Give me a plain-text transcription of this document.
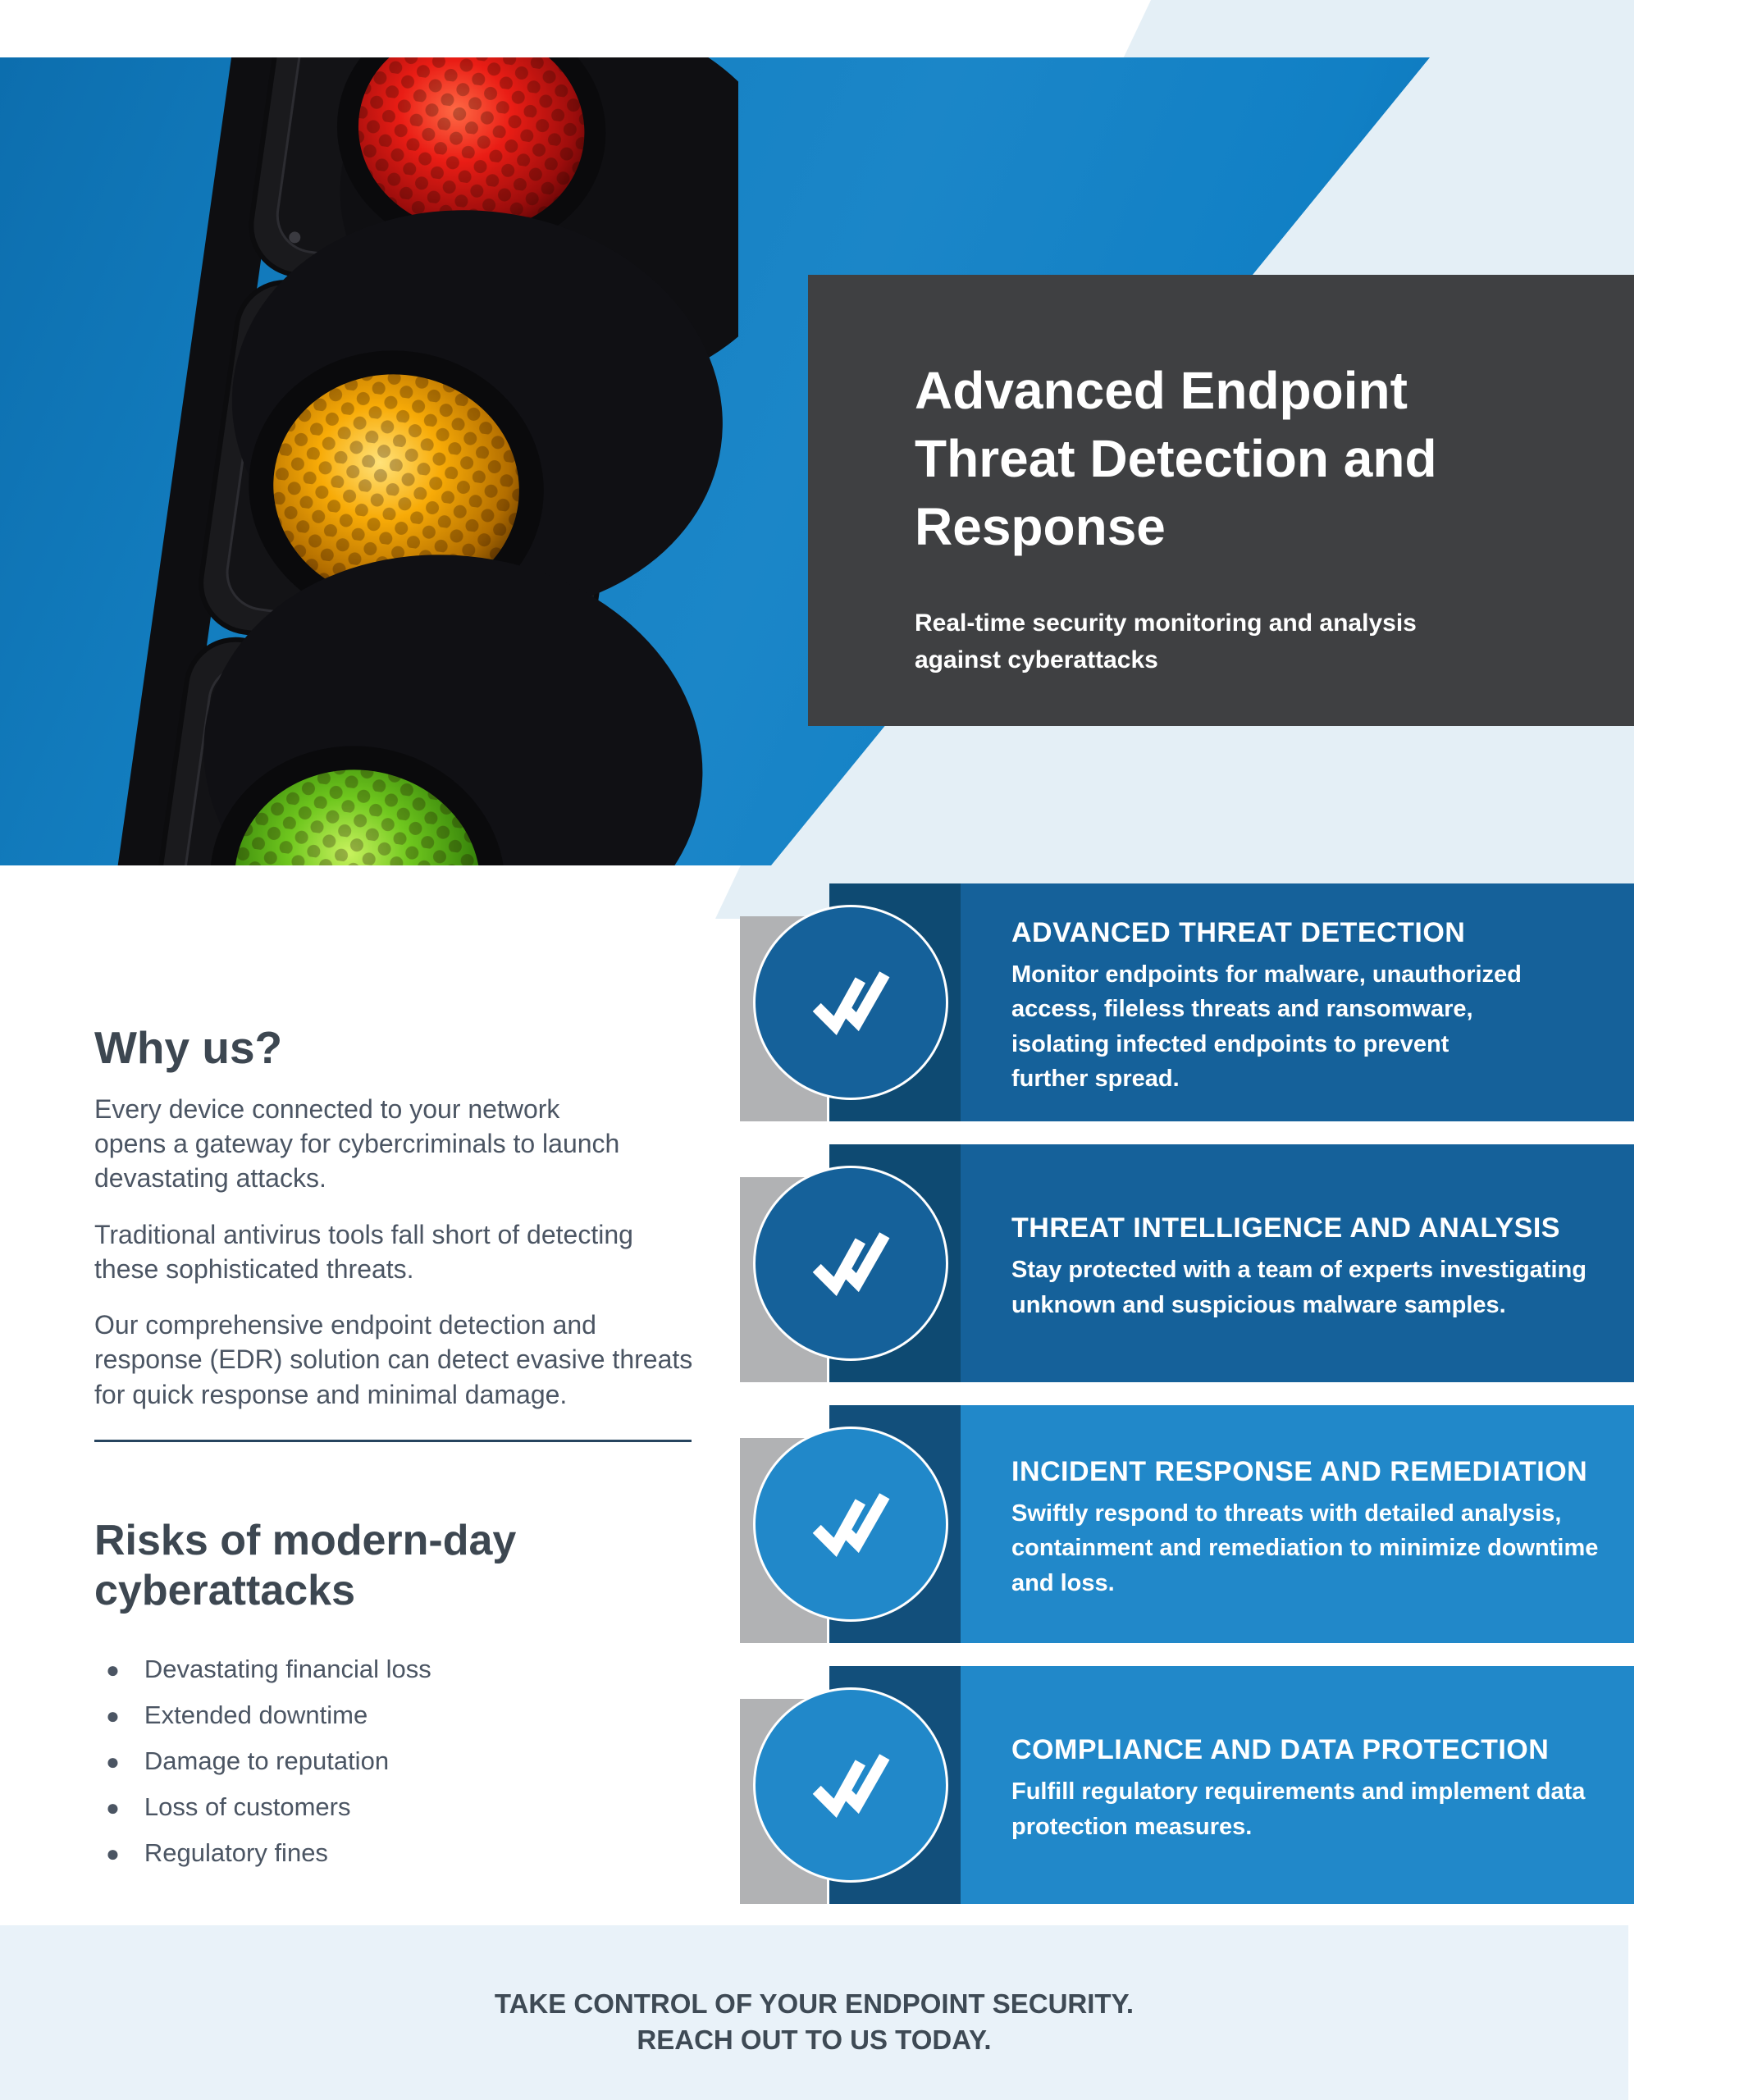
Advanced Endpoint
Threat Detection and
Response
Real-time security monitoring and analysis
against cyberattacks
Why us?

Every device connected to your network
opens a gateway for cybercriminals to launch
devastating attacks.

Traditional antivirus tools fall short of detecting
these sophisticated threats.

Our comprehensive endpoint detection and
response (EDR) solution can detect evasive threats
for quick response and minimal damage.

Risks of modern-day
cyberattacks
● Devastating financial loss
● Extended downtime
● Damage to reputation
● Loss of customers
● Regulatory fines
ADVANCED THREAT DETECTION
Monitor endpoints for malware, unauthorized
access, fileless threats and ransomware,
isolating infected endpoints to prevent
further spread.
THREAT INTELLIGENCE AND ANALYSIS
Stay protected with a team of experts investigating
unknown and suspicious malware samples.
INCIDENT RESPONSE AND REMEDIATION
Swiftly respond to threats with detailed analysis,
containment and remediation to minimize downtime
and loss.
COMPLIANCE AND DATA PROTECTION
Fulfill regulatory requirements and implement data
protection measures.
TAKE CONTROL OF YOUR ENDPOINT SECURITY.
REACH OUT TO US TODAY.
